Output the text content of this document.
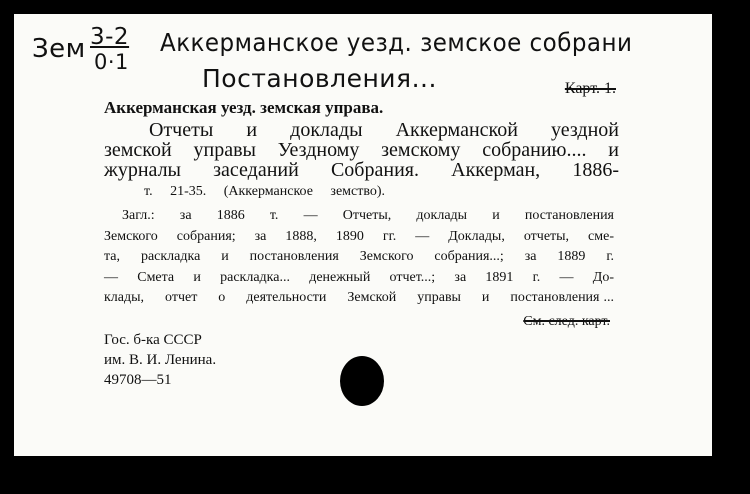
Зем 3-2
0·1
Аккерманское уезд. земское собрани
Постановления...	Карт. 1.
Аккерманская уезд. земская управа.
Отчеты и доклады Аккерманской уездной
земской управы Уездному земскому собранию.... и
журналы заседаний Собрания. Аккерман, 1886-
т. 21-35. (Аккерманское земство).
Загл.: за 1886 т. — Отчеты, доклады и постановления
Земского собрания; за 1888, 1890 гг. — Доклады, отчеты, сме-
та, раскладка и постановления Земского собрания...; за 1889 г.
— Смета и раскладка... денежный отчет...; за 1891 г. — До-
клады, отчет о деятельности Земской управы и постановления ...
См. след. карт.
Гос. б-ка СССР
им. В. И. Ленина.
49708—51
